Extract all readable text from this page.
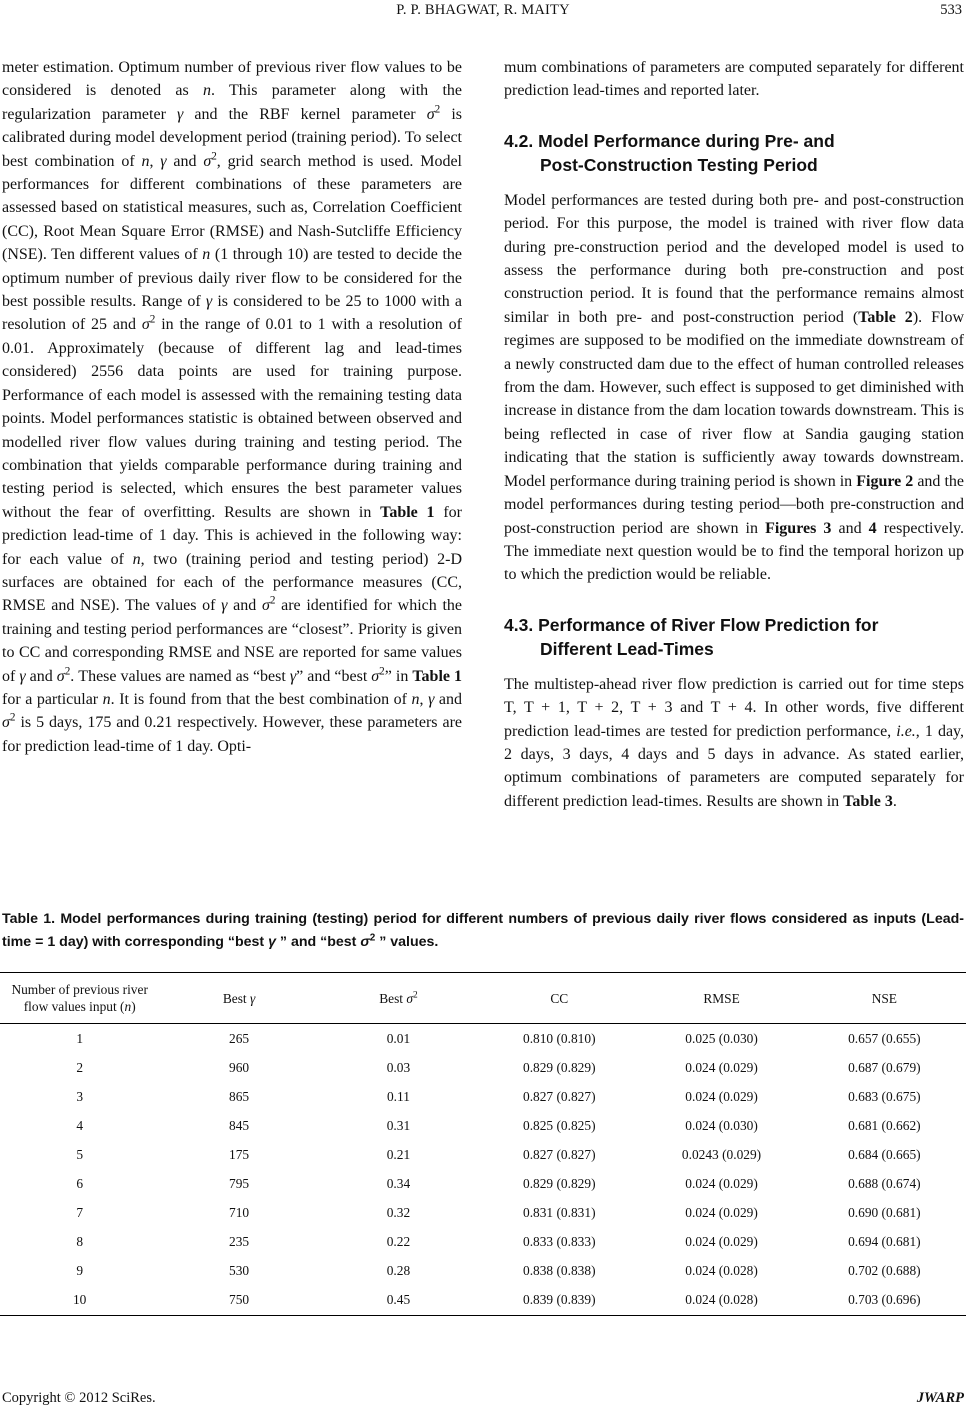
P. P. BHAGWAT, R. MAITY	533

meter estimation. Optimum number of previous river flow values to be considered is denoted as n. This parameter along with the regularization parameter γ and the RBF kernel parameter $\sigma^2$ is calibrated during model development period (training period). To select best combination of n, γ and $\sigma^2$, grid search method is used. Model performances for different combinations of these parameters are assessed based on statistical measures, such as, Correlation Coefficient (CC), Root Mean Square Error (RMSE) and Nash-Sutcliffe Efficiency (NSE). Ten different values of n (1 through 10) are tested to decide the optimum number of previous daily river flow to be considered for the best possible results. Range of γ is considered to be 25 to 1000 with a resolution of 25 and $\sigma^2$ in the range of 0.01 to 1 with a resolution of 0.01. Approximately (because of different lag and lead-times considered) 2556 data points are used for training purpose. Performance of each model is assessed with the remaining testing data points. Model performances statistic is obtained between observed and modelled river flow values during training and testing period. The combination that yields comparable performance during training and testing period is selected, which ensures the best parameter values without the fear of overfitting. Results are shown in Table 1 for prediction lead-time of 1 day. This is achieved in the following way: for each value of n, two (training period and testing period) 2-D surfaces are obtained for each of the performance measures (CC, RMSE and NSE). The values of γ and $\sigma^2$ are identified for which the training and testing period performances are “closest”. Priority is given to CC and corresponding RMSE and NSE are reported for same values of γ and $\sigma^2$. These values are named as “best γ” and “best $\sigma^2$” in Table 1 for a particular n. It is found from that the best combination of n, γ and $\sigma^2$ is 5 days, 175 and 0.21 respectively. However, these parameters are for prediction lead-time of 1 day. Opti-

mum combinations of parameters are computed separately for different prediction lead-times and reported later.

4.2. Model Performance during Pre- and
Post-Construction Testing Period

Model performances are tested during both pre- and post-construction period. For this purpose, the model is trained with river flow data during pre-construction period and the developed model is used to assess the performance during both pre-construction and post construction period. It is found that the performance remains almost similar in both pre- and post-construction period (Table 2). Flow regimes are supposed to be modified on the immediate downstream of a newly constructed dam due to the effect of human controlled releases from the dam. However, such effect is supposed to get diminished with increase in distance from the dam location towards downstream. This is being reflected in case of river flow at Sandia gauging station indicating that the station is sufficiently away towards downstream. Model performance during training period is shown in Figure 2 and the model performances during testing period—both pre-construction and post-construction period are shown in Figures 3 and 4 respectively. The immediate next question would be to find the temporal horizon up to which the prediction would be reliable.

4.3. Performance of River Flow Prediction for
Different Lead-Times

The multistep-ahead river flow prediction is carried out for time steps T, T + 1, T + 2, T + 3 and T + 4. In other words, five different prediction lead-times are tested for prediction performance, i.e., 1 day, 2 days, 3 days, 4 days and 5 days in advance. As stated earlier, optimum combinations of parameters are computed separately for different prediction lead-times. Results are shown in Table 3.

Table 1. Model performances during training (testing) period for different numbers of previous daily river flows considered as inputs (Lead-time = 1 day) with corresponding “best γ ” and “best $\sigma^2$ ” values.
Number of previous river
flow values input (n)	Best γ	Best $\sigma^2$	CC	RMSE	NSE
1	265	0.01	0.810 (0.810)	0.025 (0.030)	0.657 (0.655)
2	960	0.03	0.829 (0.829)	0.024 (0.029)	0.687 (0.679)
3	865	0.11	0.827 (0.827)	0.024 (0.029)	0.683 (0.675)
4	845	0.31	0.825 (0.825)	0.024 (0.030)	0.681 (0.662)
5	175	0.21	0.827 (0.827)	0.0243 (0.029)	0.684 (0.665)
6	795	0.34	0.829 (0.829)	0.024 (0.029)	0.688 (0.674)
7	710	0.32	0.831 (0.831)	0.024 (0.029)	0.690 (0.681)
8	235	0.22	0.833 (0.833)	0.024 (0.029)	0.694 (0.681)
9	530	0.28	0.838 (0.838)	0.024 (0.028)	0.702 (0.688)
10	750	0.45	0.839 (0.839)	0.024 (0.028)	0.703 (0.696)
Copyright © 2012 SciRes.	JWARP
